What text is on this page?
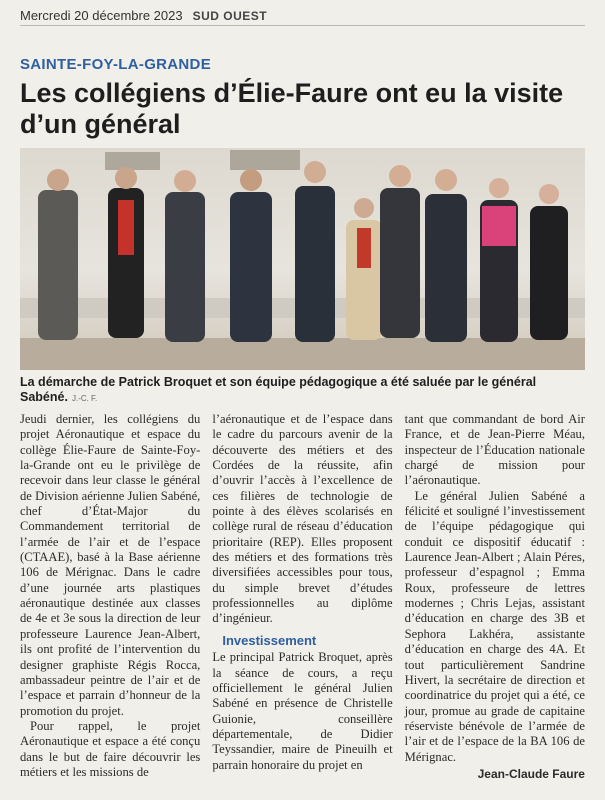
Mercredi 20 décembre 2023 SUD OUEST
SAINTE-FOY-LA-GRANDE
Les collégiens d’Élie-Faure ont eu la visite d’un général
La démarche de Patrick Broquet et son équipe pédagogique a été saluée par le général Sabéné. J.-C. F.

Jeudi dernier, les collégiens du projet Aéronautique et espace du collège Élie-Faure de Sainte-Foy-la-Grande ont eu le privilège de recevoir dans leur classe le général de Division aérienne Julien Sabéné, chef d’État-Major du Commandement territorial de l’armée de l’air et de l’espace (CTAAE), basé à la Base aérienne 106 de Mérignac. Dans le cadre d’une journée arts plastiques aéronautique destinée aux classes de 4e et 3e sous la direction de leur professeure Laurence Jean-Albert, ils ont profité de l’intervention du designer graphiste Régis Rocca, ambassadeur peintre de l’air et de l’espace et parrain d’honneur de la promotion du projet.

Pour rappel, le projet Aéronautique et espace a été conçu dans le but de faire découvrir les métiers et les missions de

l’aéronautique et de l’espace dans le cadre du parcours avenir de la découverte des métiers et des Cordées de la réussite, afin d’ouvrir l’accès à l’excellence de ces filières de technologie de pointe à des élèves scolarisés en collège rural de réseau d’éducation prioritaire (REP). Elles proposent des métiers et des formations très diversifiées accessibles pour tous, du simple brevet d’études professionnelles au diplôme d’ingénieur.

Investissement

Le principal Patrick Broquet, après la séance de cours, a reçu officiellement le général Julien Sabéné en présence de Christelle Guionie, conseillère départementale, de Didier Teyssandier, maire de Pineuilh et parrain honoraire du projet en

tant que commandant de bord Air France, et de Jean-Pierre Méau, inspecteur de l’Éducation nationale chargé de mission pour l’aéronautique.

Le général Julien Sabéné a félicité et souligné l’investissement de l’équipe pédagogique qui conduit ce dispositif éducatif : Laurence Jean-Albert ; Alain Péres, professeur d’espagnol ; Emma Roux, professeure de lettres modernes ; Chris Lejas, assistant d’éducation en charge des 3B et Sephora Lakhéra, assistante d’éducation en charge des 4A. Et tout particulièrement Sandrine Hivert, la secrétaire de direction et coordinatrice du projet qui a été, ce jour, promue au grade de capitaine réserviste bénévole de l’armée de l’air et de l’espace de la BA 106 de Mérignac.

Jean-Claude Faure
